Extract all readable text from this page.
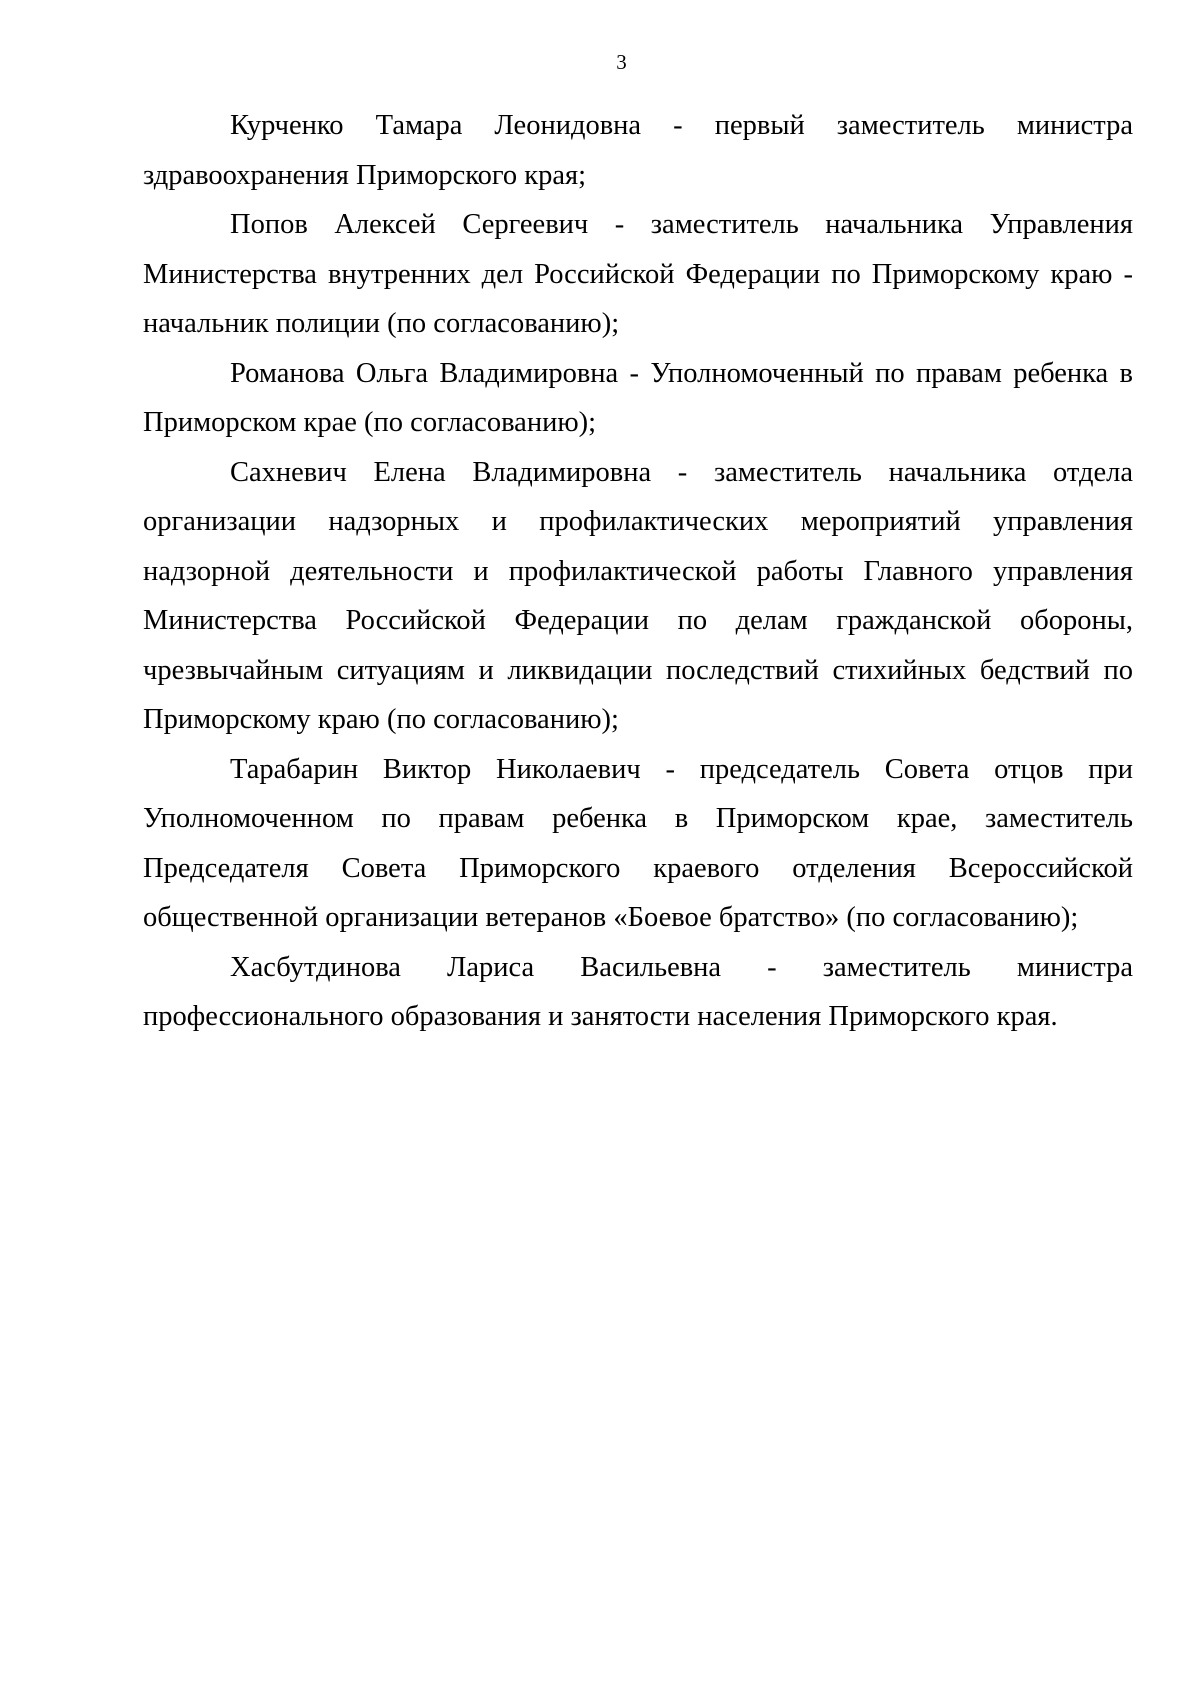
3

Курченко Тамара Леонидовна - первый заместитель министра здравоохранения Приморского края;

Попов Алексей Сергеевич - заместитель начальника Управления Министерства внутренних дел Российской Федерации по Приморскому краю - начальник полиции (по согласованию);

Романова Ольга Владимировна - Уполномоченный по правам ребенка в Приморском крае (по согласованию);

Сахневич Елена Владимировна - заместитель начальника отдела организации надзорных и профилактических мероприятий управления надзорной деятельности и профилактической работы Главного управления Министерства Российской Федерации по делам гражданской обороны, чрезвычайным ситуациям и ликвидации последствий стихийных бедствий по Приморскому краю (по согласованию);

Тарабарин Виктор Николаевич - председатель Совета отцов при Уполномоченном по правам ребенка в Приморском крае, заместитель Председателя Совета Приморского краевого отделения Всероссийской общественной организации ветеранов «Боевое братство» (по согласованию);

Хасбутдинова Лариса Васильевна - заместитель министра профессионального образования и занятости населения Приморского края.
